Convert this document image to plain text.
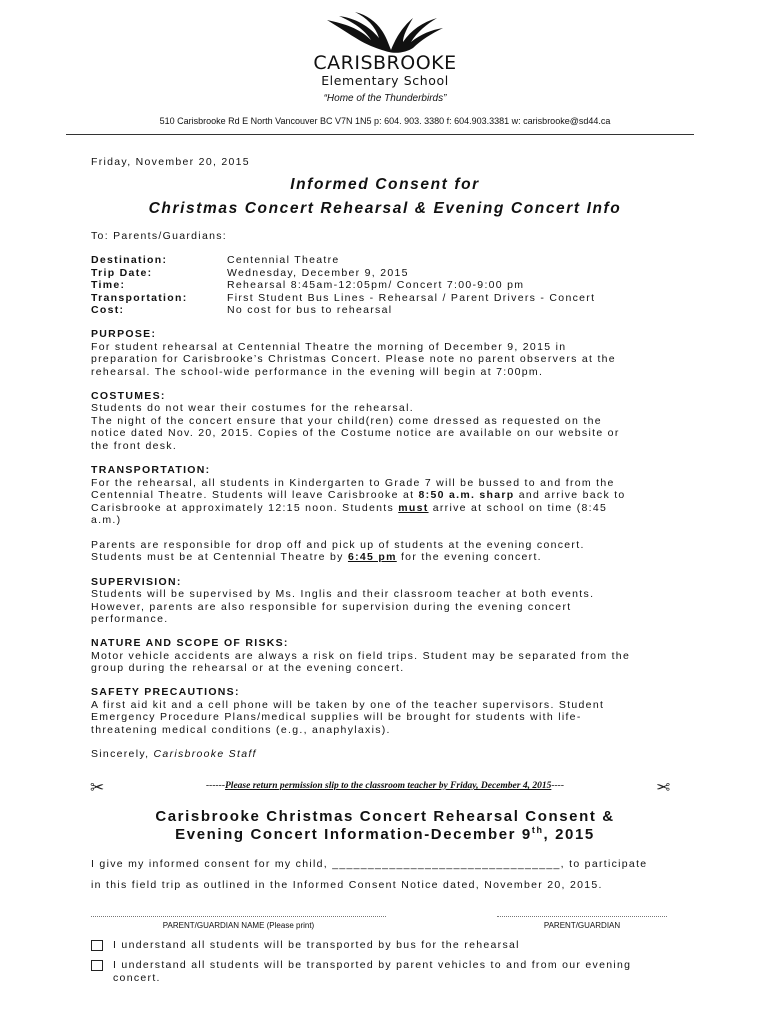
CARISBROOKE
Elementary School
“Home of the Thunderbirds”
510 Carisbrooke Rd E North Vancouver BC V7N 1N5 p: 604. 903. 3380 f: 604.903.3381 w: carisbrooke@sd44.ca
Friday, November 20, 2015
Informed Consent for
Christmas Concert Rehearsal & Evening Concert Info
To: Parents/Guardians:
Destination:	Centennial Theatre
Trip Date:	Wednesday, December 9, 2015
Time:	Rehearsal 8:45am-12:05pm/ Concert 7:00-9:00 pm
Transportation:	First Student Bus Lines - Rehearsal / Parent Drivers - Concert
Cost:	No cost for bus to rehearsal
PURPOSE:
For student rehearsal at Centennial Theatre the morning of December 9, 2015 in
preparation for Carisbrooke’s Christmas Concert. Please note no parent observers at the
rehearsal. The school-wide performance in the evening will begin at 7:00pm.
COSTUMES:
Students do not wear their costumes for the rehearsal.
The night of the concert ensure that your child(ren) come dressed as requested on the
notice dated Nov. 20, 2015. Copies of the Costume notice are available on our website or
the front desk.
TRANSPORTATION:
For the rehearsal, all students in Kindergarten to Grade 7 will be bussed to and from the
Centennial Theatre. Students will leave Carisbrooke at 8:50 a.m. sharp and arrive back to
Carisbrooke at approximately 12:15 noon. Students must arrive at school on time (8:45
a.m.)
Parents are responsible for drop off and pick up of students at the evening concert.
Students must be at Centennial Theatre by 6:45 pm for the evening concert.
SUPERVISION:
Students will be supervised by Ms. Inglis and their classroom teacher at both events.
However, parents are also responsible for supervision during the evening concert
performance.
NATURE AND SCOPE OF RISKS:
Motor vehicle accidents are always a risk on field trips. Student may be separated from the
group during the rehearsal or at the evening concert.
SAFETY PRECAUTIONS:
A first aid kit and a cell phone will be taken by one of the teacher supervisors. Student
Emergency Procedure Plans/medical supplies will be brought for students with life-
threatening medical conditions (e.g., anaphylaxis).
Sincerely, Carisbrooke Staff
✂	------Please return permission slip to the classroom teacher by Friday, December 4, 2015----	✂
Carisbrooke Christmas Concert Rehearsal Consent &
Evening Concert Information-December 9th, 2015
I give my informed consent for my child, ________________________________, to participate
in this field trip as outlined in the Informed Consent Notice dated, November 20, 2015.
PARENT/GUARDIAN NAME (Please print)	PARENT/GUARDIAN
I understand all students will be transported by bus for the rehearsal
I understand all students will be transported by parent vehicles to and from our evening concert.
